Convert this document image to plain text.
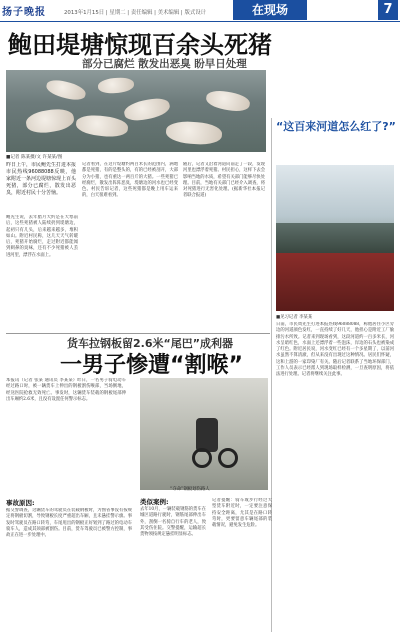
扬子晚报	2013年1月15日 | 星期二 | 责任编辑 | 美术编辑 | 版式设计	在现场	7
鲍田堤塘惊现百余头死猪
部分已腐烂 散发出恶臭 盼早日处理
■记者 陈某摄/文 许某某/图
昨日上午，市民鲍先生打进本报市民热线96088088反映，他家附近一条河边堤塘惊现上百头死猪，部分已腐烂，散发出恶臭，附近村民十分苦恼。
鲍先生说，去年腊月大约是在大寒前后，这些死猪被人陆续扔到堤塘边，起初只有几头，后来越来越多，堆积如山。附近村民称，这几天天气转暖后，死猪开始腐烂，走过附近都能闻到刺鼻的臭味，还有不少死猪被人丢进河里，漂浮在水面上。
记者看到，在这片堤塘约两百米长的范围内，满地都是死猪，有的是整头的，有的已经被剖开，大部分为小猪，也有重达一两百斤的大猪。一些死猪已经腐烂，散发出阵阵恶臭，堤塘边的河水也已经变色。村民告诉记者，这些死猪都是晚上用车运来的，白天很难看到。
随后，记者又沿着河道向前走了一段，发现河里也漂浮着死猪。村民担心，这样下去会影响当地的水质，希望有关部门能够尽快处理。目前，当地有关部门已经介入调查，将对死猪进行无害化处理。(据新华社本报记者联合报道)
“这百来河道怎么红了?”
■见习记者 李某某
日前，市民周先生打进本报热线96088088，称他居住小区旁边的河道颜色发红，一直持续了好几天，他担心是附近工厂偷排污水所致。记者来到现场看到，这段河道约一百多米长，河水呈暗红色，水面上还漂浮着一些泡沫，岸边的石头也被染成了红色。附近居民说，河水变红已经有一个多星期了，以前河水虽然不算清澈，但从来没有出现过这种情况。居民们怀疑，这和上游的一家印染厂有关。随后记者联系了当地环保部门，工作人员表示已经派人到现场取样检测，一旦查明原因，将依法进行处理。记者将继续关注此事。
货车拉钢板留2.6米“尾巴”成利器
一男子惨遭“割喉”
本报讯（记者 张某 通讯员 李某某）昨日，一名男子骑电动车经过路口时，被一辆货车上伸出的钢板割伤喉部，当场倒地，经送医院抢救无效死亡。事发时，这辆货车装载的钢板尾部伸出车厢约2.6米，且没有设置任何警示标志。
“夺命”钢板划伤路人
事故原因:
据交警调查，这辆货车的驾驶员在装载钢板时，为图省事没有按规定将钢板切割，导致钢板长度严重超出车厢，且未悬挂警示旗。事发时驾驶员在路口转弯，车尾甩出的钢板正好划到了路过的电动车骑车人，造成其颈部被割伤。目前，货车驾驶员已被警方控制，事故正在进一步处理中。
类似案例:
去年10月，一辆装载钢筋的货车在城区道路行驶时，钢筋尾部伸出车外，刮倒一名骑自行车的老人，致其受伤住院。交警提醒，运输超长货物须按规定悬挂明显标志。
记者提醒：骑车或步行经过大型货车附近时，一定要注意保持安全距离，尤其是在路口转弯时，更要留意车辆尾部的装载情况，避免发生危险。
